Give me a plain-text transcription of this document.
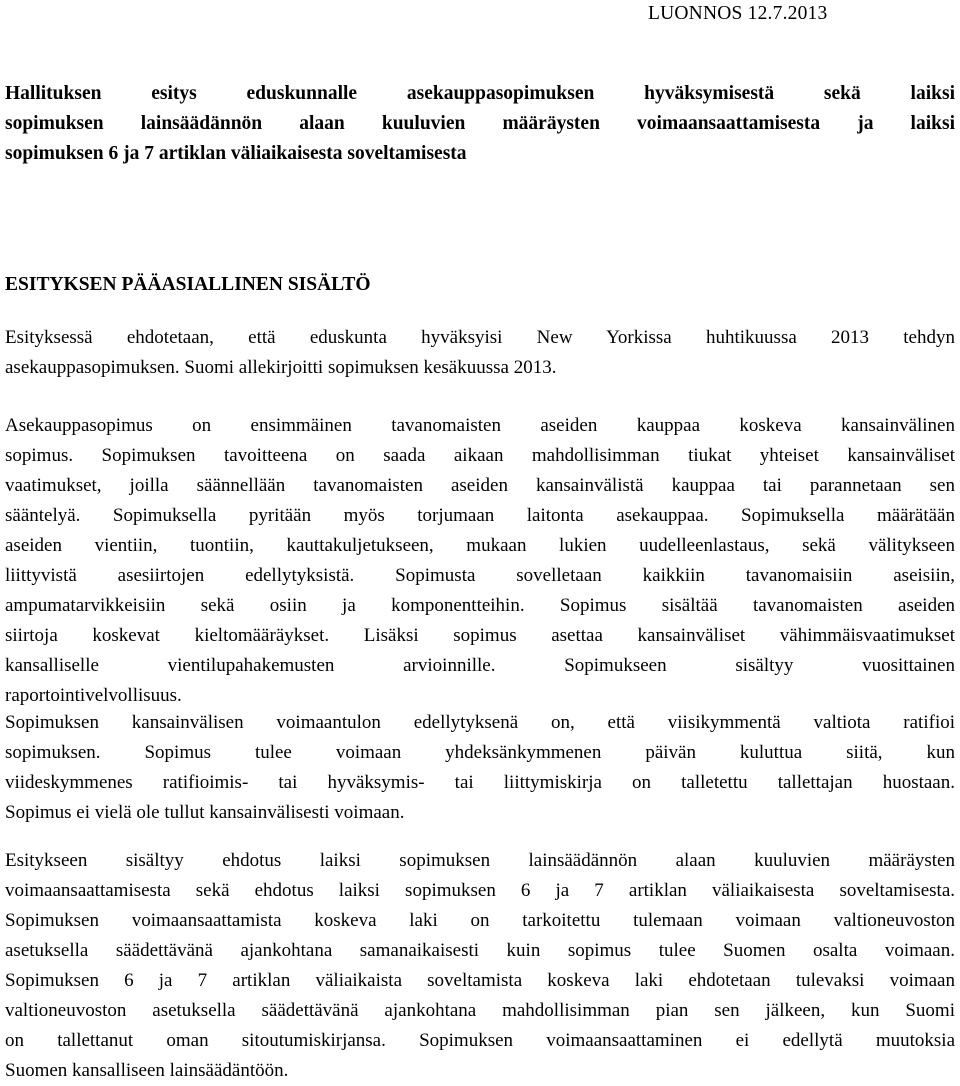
LUONNOS 12.7.2013
Hallituksen esitys eduskunnalle asekauppasopimuksen hyväksymisestä sekä laiksi
sopimuksen lainsäädännön alaan kuuluvien määräysten voimaansaattamisesta ja laiksi
sopimuksen 6 ja 7 artiklan väliaikaisesta soveltamisesta
ESITYKSEN PÄÄASIALLINEN SISÄLTÖ

Esityksessä ehdotetaan, että eduskunta hyväksyisi New Yorkissa huhtikuussa 2013 tehdyn
asekauppasopimuksen. Suomi allekirjoitti sopimuksen kesäkuussa 2013.

Asekauppasopimus on ensimmäinen tavanomaisten aseiden kauppaa koskeva kansainvälinen
sopimus. Sopimuksen tavoitteena on saada aikaan mahdollisimman tiukat yhteiset kansainväliset
vaatimukset, joilla säännellään tavanomaisten aseiden kansainvälistä kauppaa tai parannetaan sen
sääntelyä. Sopimuksella pyritään myös torjumaan laitonta asekauppaa. Sopimuksella määrätään
aseiden vientiin, tuontiin, kauttakuljetukseen, mukaan lukien uudelleenlastaus, sekä välitykseen
liittyvistä asesiirtojen edellytyksistä. Sopimusta sovelletaan kaikkiin tavanomaisiin aseisiin,
ampumatarvikkeisiin sekä osiin ja komponentteihin. Sopimus sisältää tavanomaisten aseiden
siirtoja koskevat kieltomääräykset. Lisäksi sopimus asettaa kansainväliset vähimmäisvaatimukset
kansalliselle vientilupahakemusten arvioinnille. Sopimukseen sisältyy vuosittainen
raportointivelvollisuus.

Sopimuksen kansainvälisen voimaantulon edellytyksenä on, että viisikymmentä valtiota ratifioi
sopimuksen. Sopimus tulee voimaan yhdeksänkymmenen päivän kuluttua siitä, kun
viideskymmenes ratifioimis- tai hyväksymis- tai liittymiskirja on talletettu tallettajan huostaan.
Sopimus ei vielä ole tullut kansainvälisesti voimaan.

Esitykseen sisältyy ehdotus laiksi sopimuksen lainsäädännön alaan kuuluvien määräysten
voimaansaattamisesta sekä ehdotus laiksi sopimuksen 6 ja 7 artiklan väliaikaisesta soveltamisesta.
Sopimuksen voimaansaattamista koskeva laki on tarkoitettu tulemaan voimaan valtioneuvoston
asetuksella säädettävänä ajankohtana samanaikaisesti kuin sopimus tulee Suomen osalta voimaan.
Sopimuksen 6 ja 7 artiklan väliaikaista soveltamista koskeva laki ehdotetaan tulevaksi voimaan
valtioneuvoston asetuksella säädettävänä ajankohtana mahdollisimman pian sen jälkeen, kun Suomi
on tallettanut oman sitoutumiskirjansa. Sopimuksen voimaansaattaminen ei edellytä muutoksia
Suomen kansalliseen lainsäädäntöön.
